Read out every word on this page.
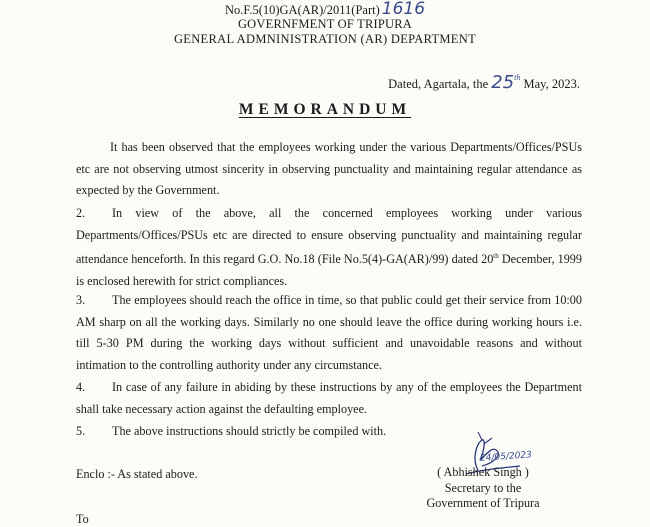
No.F.5(10)GA(AR)/2011(Part) 1616
GOVERNFMENT OF TRIPURA
GENERAL ADMNINISTRATION (AR) DEPARTMENT
Dated, Agartala, the 25th May, 2023.
MEMORANDUM
It has been observed that the employees working under the various Departments/Offices/PSUs etc are not observing utmost sincerity in observing punctuality and maintaining regular attendance as expected by the Government.
2. In view of the above, all the concerned employees working under various Departments/Offices/PSUs etc are directed to ensure observing punctuality and maintaining regular attendance henceforth. In this regard G.O. No.18 (File No.5(4)-GA(AR)/99) dated 20th December, 1999 is enclosed herewith for strict compliances.
3. The employees should reach the office in time, so that public could get their service from 10:00 AM sharp on all the working days. Similarly no one should leave the office during working hours i.e. till 5-30 PM during the working days without sufficient and unavoidable reasons and without intimation to the controlling authority under any circumstance.
4. In case of any failure in abiding by these instructions by any of the employees the Department shall take necessary action against the defaulting employee.
5. The above instructions should strictly be compiled with.
Enclo :- As stated above.
24/05/2023
( Abhishek Singh )
Secretary to the
Government of Tripura
To
